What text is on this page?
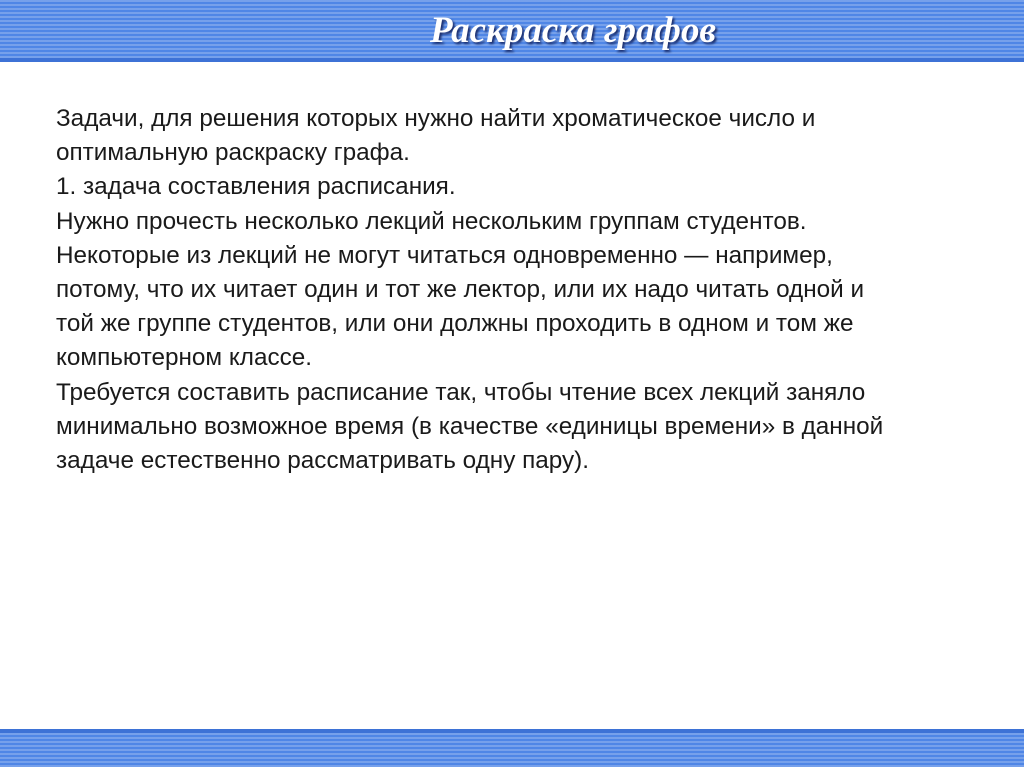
Раскраска графов
Задачи, для решения которых нужно найти хроматическое число и
оптимальную раскраску графа.
1. задача составления расписания.
Нужно прочесть несколько лекций нескольким группам студентов.
Некоторые из лекций не могут читаться одновременно — например,
потому, что их читает один и тот же лектор, или их надо читать одной и
той же группе студентов, или они должны проходить в одном и том же
компьютерном классе.
Требуется составить расписание так, чтобы чтение всех лекций заняло
минимально возможное время (в качестве «единицы времени» в данной
задаче естественно рассматривать одну пару).
